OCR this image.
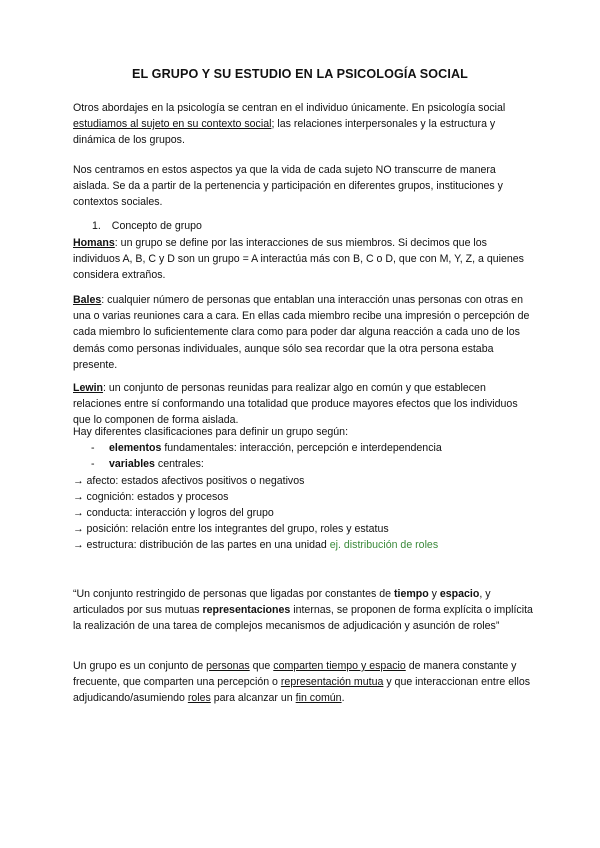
EL GRUPO Y SU ESTUDIO EN LA PSICOLOGÍA SOCIAL
Otros abordajes en la psicología se centran en el individuo únicamente. En psicología social estudiamos al sujeto en su contexto social; las relaciones interpersonales y la estructura y dinámica de los grupos.
Nos centramos en estos aspectos ya que la vida de cada sujeto NO transcurre de manera aislada. Se da a partir de la pertenencia y participación en diferentes grupos, instituciones y contextos sociales.
1. Concepto de grupo
Homans: un grupo se define por las interacciones de sus miembros. Si decimos que los individuos A, B, C y D son un grupo = A interactúa más con B, C o D, que con M, Y, Z, a quienes considera extraños.
Bales: cualquier número de personas que entablan una interacción unas personas con otras en una o varias reuniones cara a cara. En ellas cada miembro recibe una impresión o percepción de cada miembro lo suficientemente clara como para poder dar alguna reacción a cada uno de los demás como personas individuales, aunque sólo sea recordar que la otra persona estaba presente.
Lewin: un conjunto de personas reunidas para realizar algo en común y que establecen relaciones entre sí conformando una totalidad que produce mayores efectos que los individuos que lo componen de forma aislada.
Hay diferentes clasificaciones para definir un grupo según:
- elementos fundamentales: interacción, percepción e interdependencia
- variables centrales:
→ afecto: estados afectivos positivos o negativos
→ cognición: estados y procesos
→ conducta: interacción y logros del grupo
→ posición: relación entre los integrantes del grupo, roles y estatus
→ estructura: distribución de las partes en una unidad ej. distribución de roles
“Un conjunto restringido de personas que ligadas por constantes de tiempo y espacio, y articulados por sus mutuas representaciones internas, se proponen de forma explícita o implícita la realización de una tarea de complejos mecanismos de adjudicación y asunción de roles”
Un grupo es un conjunto de personas que comparten tiempo y espacio de manera constante y frecuente, que comparten una percepción o representación mutua y que interaccionan entre ellos adjudicando/asumiendo roles para alcanzar un fin común.
